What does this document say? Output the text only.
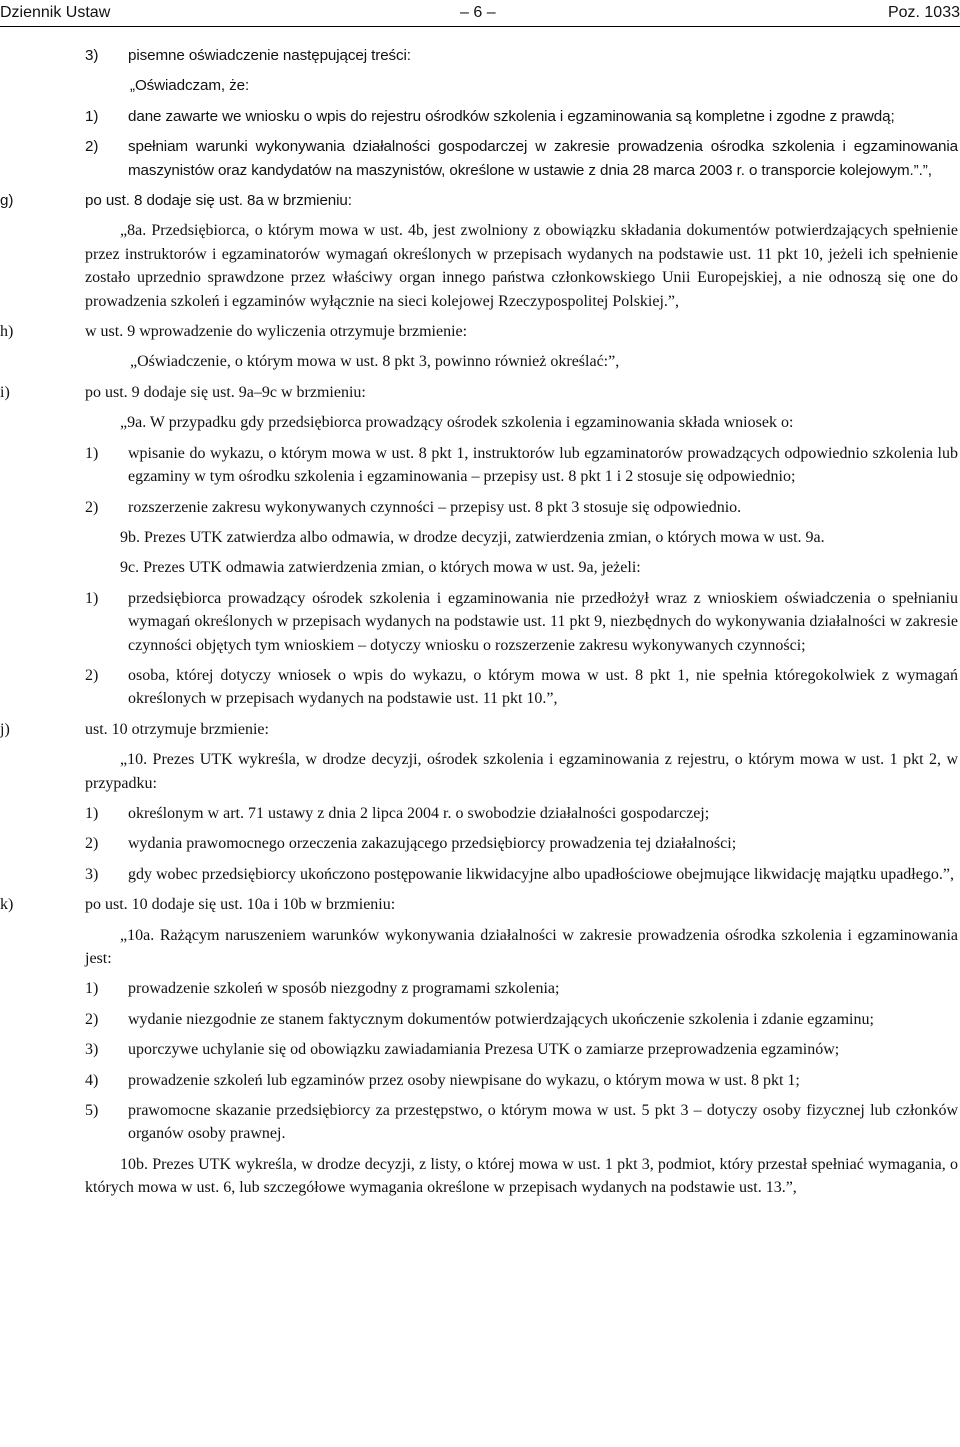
Dziennik Ustaw	– 6 –	Poz. 1033
3) pisemne oświadczenie następującej treści:
„Oświadczam, że:
1) dane zawarte we wniosku o wpis do rejestru ośrodków szkolenia i egzaminowania są kompletne i zgodne z prawdą;
2) spełniam warunki wykonywania działalności gospodarczej w zakresie prowadzenia ośrodka szkolenia i egzaminowania maszynistów oraz kandydatów na maszynistów, określone w ustawie z dnia 28 marca 2003 r. o transporcie kolejowym.”.”,
g)	po ust. 8 dodaje się ust. 8a w brzmieniu:
„8a. Przedsiębiorca, o którym mowa w ust. 4b, jest zwolniony z obowiązku składania dokumentów potwierdzających spełnienie przez instruktorów i egzaminatorów wymagań określonych w przepisach wydanych na podstawie ust. 11 pkt 10, jeżeli ich spełnienie zostało uprzednio sprawdzone przez właściwy organ innego państwa członkowskiego Unii Europejskiej, a nie odnoszą się one do prowadzenia szkoleń i egzaminów wyłącznie na sieci kolejowej Rzeczypospolitej Polskiej.”,
h)	w ust. 9 wprowadzenie do wyliczenia otrzymuje brzmienie:
„Oświadczenie, o którym mowa w ust. 8 pkt 3, powinno również określać:”,
i)	po ust. 9 dodaje się ust. 9a–9c w brzmieniu:
„9a. W przypadku gdy przedsiębiorca prowadzący ośrodek szkolenia i egzaminowania składa wniosek o:
1) wpisanie do wykazu, o którym mowa w ust. 8 pkt 1, instruktorów lub egzaminatorów prowadzących odpowiednio szkolenia lub egzaminy w tym ośrodku szkolenia i egzaminowania – przepisy ust. 8 pkt 1 i 2 stosuje się odpowiednio;
2) rozszerzenie zakresu wykonywanych czynności – przepisy ust. 8 pkt 3 stosuje się odpowiednio.
9b. Prezes UTK zatwierdza albo odmawia, w drodze decyzji, zatwierdzenia zmian, o których mowa w ust. 9a.
9c. Prezes UTK odmawia zatwierdzenia zmian, o których mowa w ust. 9a, jeżeli:
1) przedsiębiorca prowadzący ośrodek szkolenia i egzaminowania nie przedłożył wraz z wnioskiem oświadczenia o spełnianiu wymagań określonych w przepisach wydanych na podstawie ust. 11 pkt 9, niezbędnych do wykonywania działalności w zakresie czynności objętych tym wnioskiem – dotyczy wniosku o rozszerzenie zakresu wykonywanych czynności;
2) osoba, której dotyczy wniosek o wpis do wykazu, o którym mowa w ust. 8 pkt 1, nie spełnia któregokolwiek z wymagań określonych w przepisach wydanych na podstawie ust. 11 pkt 10.”,
j)	ust. 10 otrzymuje brzmienie:
„10. Prezes UTK wykreśla, w drodze decyzji, ośrodek szkolenia i egzaminowania z rejestru, o którym mowa w ust. 1 pkt 2, w przypadku:
1) określonym w art. 71 ustawy z dnia 2 lipca 2004 r. o swobodzie działalności gospodarczej;
2) wydania prawomocnego orzeczenia zakazującego przedsiębiorcy prowadzenia tej działalności;
3) gdy wobec przedsiębiorcy ukończono postępowanie likwidacyjne albo upadłościowe obejmujące likwidację majątku upadłego.”,
k)	po ust. 10 dodaje się ust. 10a i 10b w brzmieniu:
„10a. Rażącym naruszeniem warunków wykonywania działalności w zakresie prowadzenia ośrodka szkolenia i egzaminowania jest:
1) prowadzenie szkoleń w sposób niezgodny z programami szkolenia;
2) wydanie niezgodnie ze stanem faktycznym dokumentów potwierdzających ukończenie szkolenia i zdanie egzaminu;
3) uporczywe uchylanie się od obowiązku zawiadamiania Prezesa UTK o zamiarze przeprowadzenia egzaminów;
4) prowadzenie szkoleń lub egzaminów przez osoby niewpisane do wykazu, o którym mowa w ust. 8 pkt 1;
5) prawomocne skazanie przedsiębiorcy za przestępstwo, o którym mowa w ust. 5 pkt 3 – dotyczy osoby fizycznej lub członków organów osoby prawnej.
10b. Prezes UTK wykreśla, w drodze decyzji, z listy, o której mowa w ust. 1 pkt 3, podmiot, który przestał spełniać wymagania, o których mowa w ust. 6, lub szczegółowe wymagania określone w przepisach wydanych na podstawie ust. 13.”,
